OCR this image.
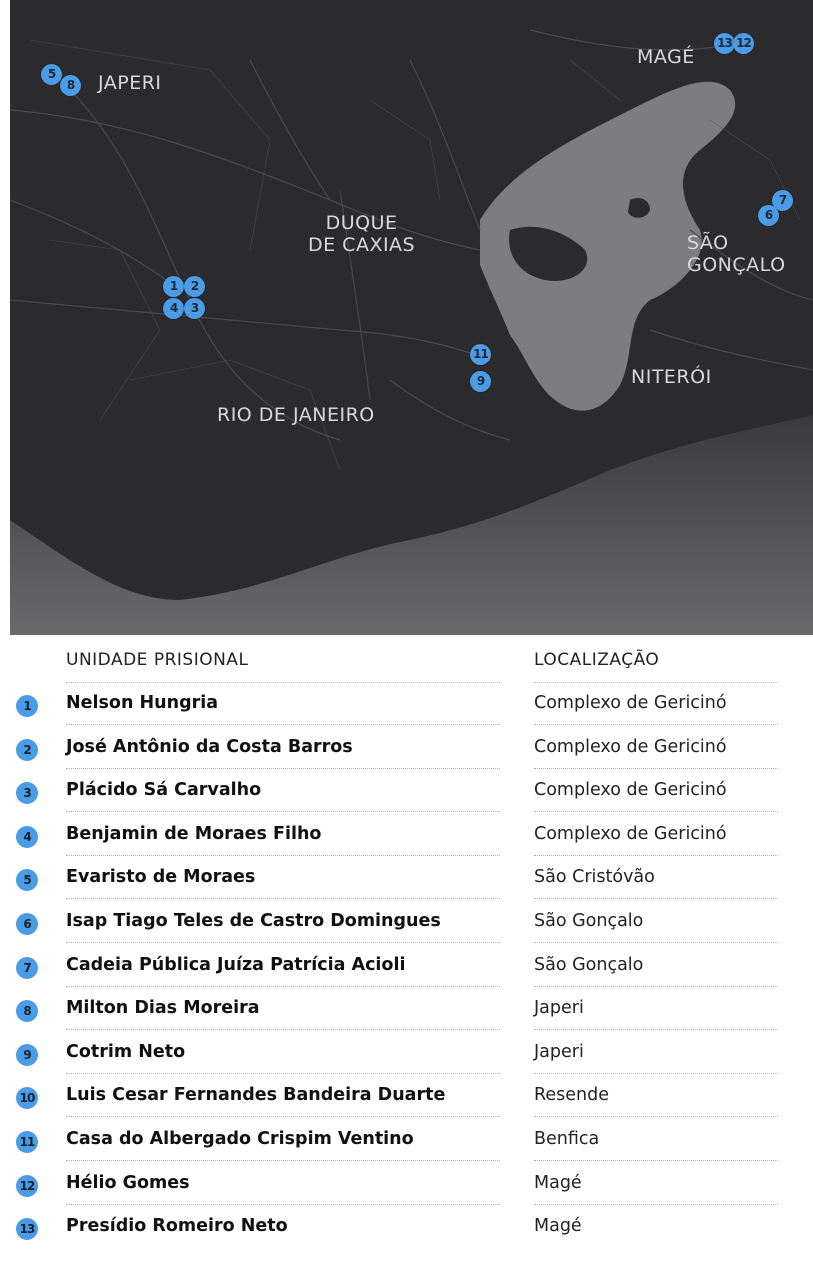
JAPERI
MAGÉ
DUQUE
DE CAXIAS	SÃO
GONÇALO
NITERÓI
RIO DE JANEIRO
5
8
13 12
7
6
1	2
4	3
11
9
UNIDADE PRISIONAL	LOCALIZAÇÃO
1	Nelson Hungria	Complexo de Gericinó
2	José Antônio da Costa Barros	Complexo de Gericinó
3	Plácido Sá Carvalho	Complexo de Gericinó
4	Benjamin de Moraes Filho	Complexo de Gericinó
5	Evaristo de Moraes	São Cristóvão
6	Isap Tiago Teles de Castro Domingues	São Gonçalo
7	Cadeia Pública Juíza Patrícia Acioli	São Gonçalo
8	Milton Dias Moreira	Japeri
9	Cotrim Neto	Japeri
10 Luis Cesar Fernandes Bandeira Duarte	Resende
11 Casa do Albergado Crispim Ventino	Benfica
12 Hélio Gomes	Magé
13 Presídio Romeiro Neto	Magé
